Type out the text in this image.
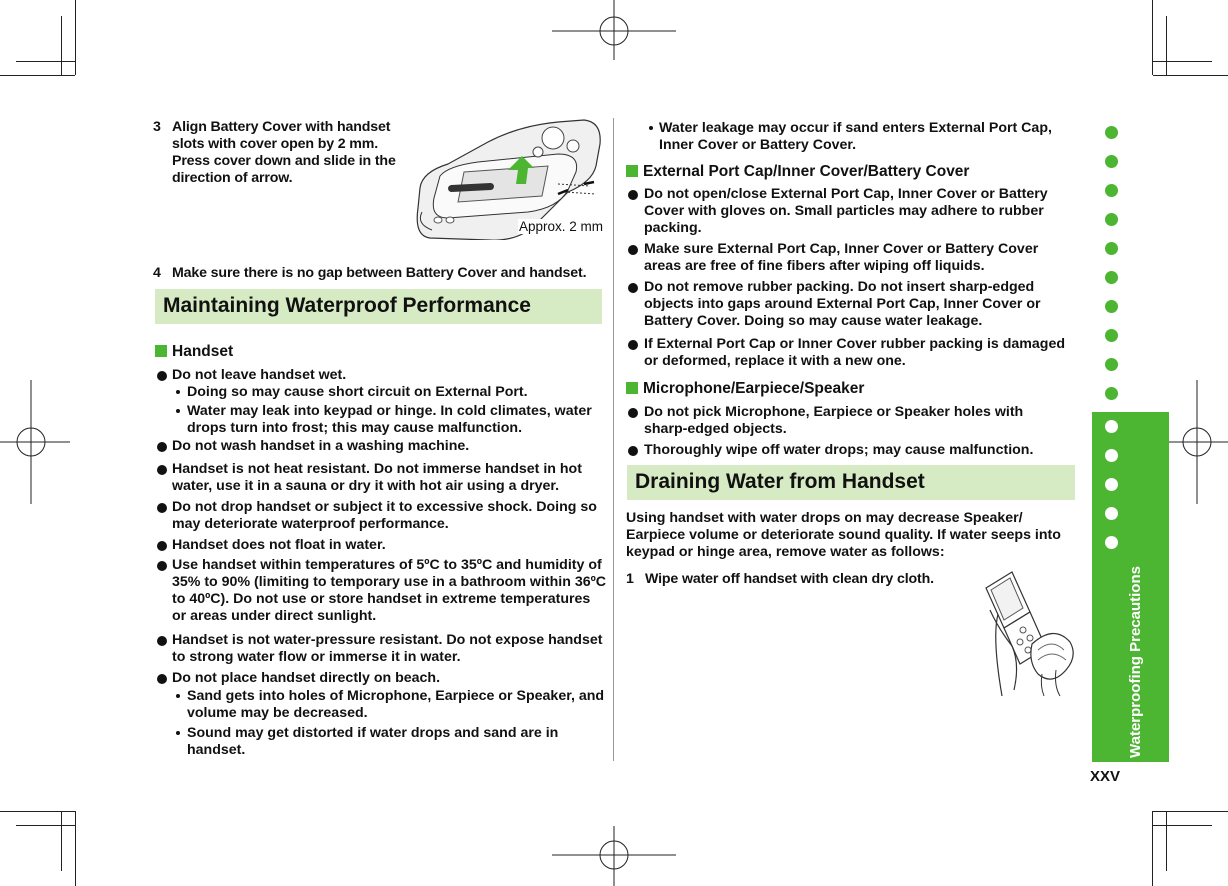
Waterproofing Precautions
XXV
3 Align Battery Cover with handset slots with cover open by 2 mm. Press cover down and slide in the direction of arrow.
Approx. 2 mm
4 Make sure there is no gap between Battery Cover and handset.
Maintaining Waterproof Performance
Handset
Do not leave handset wet.
Doing so may cause short circuit on External Port.
Water may leak into keypad or hinge. In cold climates, water drops turn into frost; this may cause malfunction.
Do not wash handset in a washing machine.
Handset is not heat resistant. Do not immerse handset in hot water, use it in a sauna or dry it with hot air using a dryer.
Do not drop handset or subject it to excessive shock. Doing so may deteriorate waterproof performance.
Handset does not float in water.
Use handset within temperatures of 5ºC to 35ºC and humidity of 35% to 90% (limiting to temporary use in a bathroom within 36ºC to 40ºC). Do not use or store handset in extreme temperatures or areas under direct sunlight.
Handset is not water-pressure resistant. Do not expose handset to strong water flow or immerse it in water.
Do not place handset directly on beach.
Sand gets into holes of Microphone, Earpiece or Speaker, and volume may be decreased.
Sound may get distorted if water drops and sand are in handset.
Water leakage may occur if sand enters External Port Cap, Inner Cover or Battery Cover.
External Port Cap/Inner Cover/Battery Cover
Do not open/close External Port Cap, Inner Cover or Battery Cover with gloves on. Small particles may adhere to rubber packing.
Make sure External Port Cap, Inner Cover or Battery Cover areas are free of fine fibers after wiping off liquids.
Do not remove rubber packing. Do not insert sharp-edged objects into gaps around External Port Cap, Inner Cover or Battery Cover. Doing so may cause water leakage.
If External Port Cap or Inner Cover rubber packing is damaged or deformed, replace it with a new one.
Microphone/Earpiece/Speaker
Do not pick Microphone, Earpiece or Speaker holes with sharp-edged objects.
Thoroughly wipe off water drops; may cause malfunction.
Draining Water from Handset
Using handset with water drops on may decrease Speaker/ Earpiece volume or deteriorate sound quality. If water seeps into keypad or hinge area, remove water as follows:
1 Wipe water off handset with clean dry cloth.
